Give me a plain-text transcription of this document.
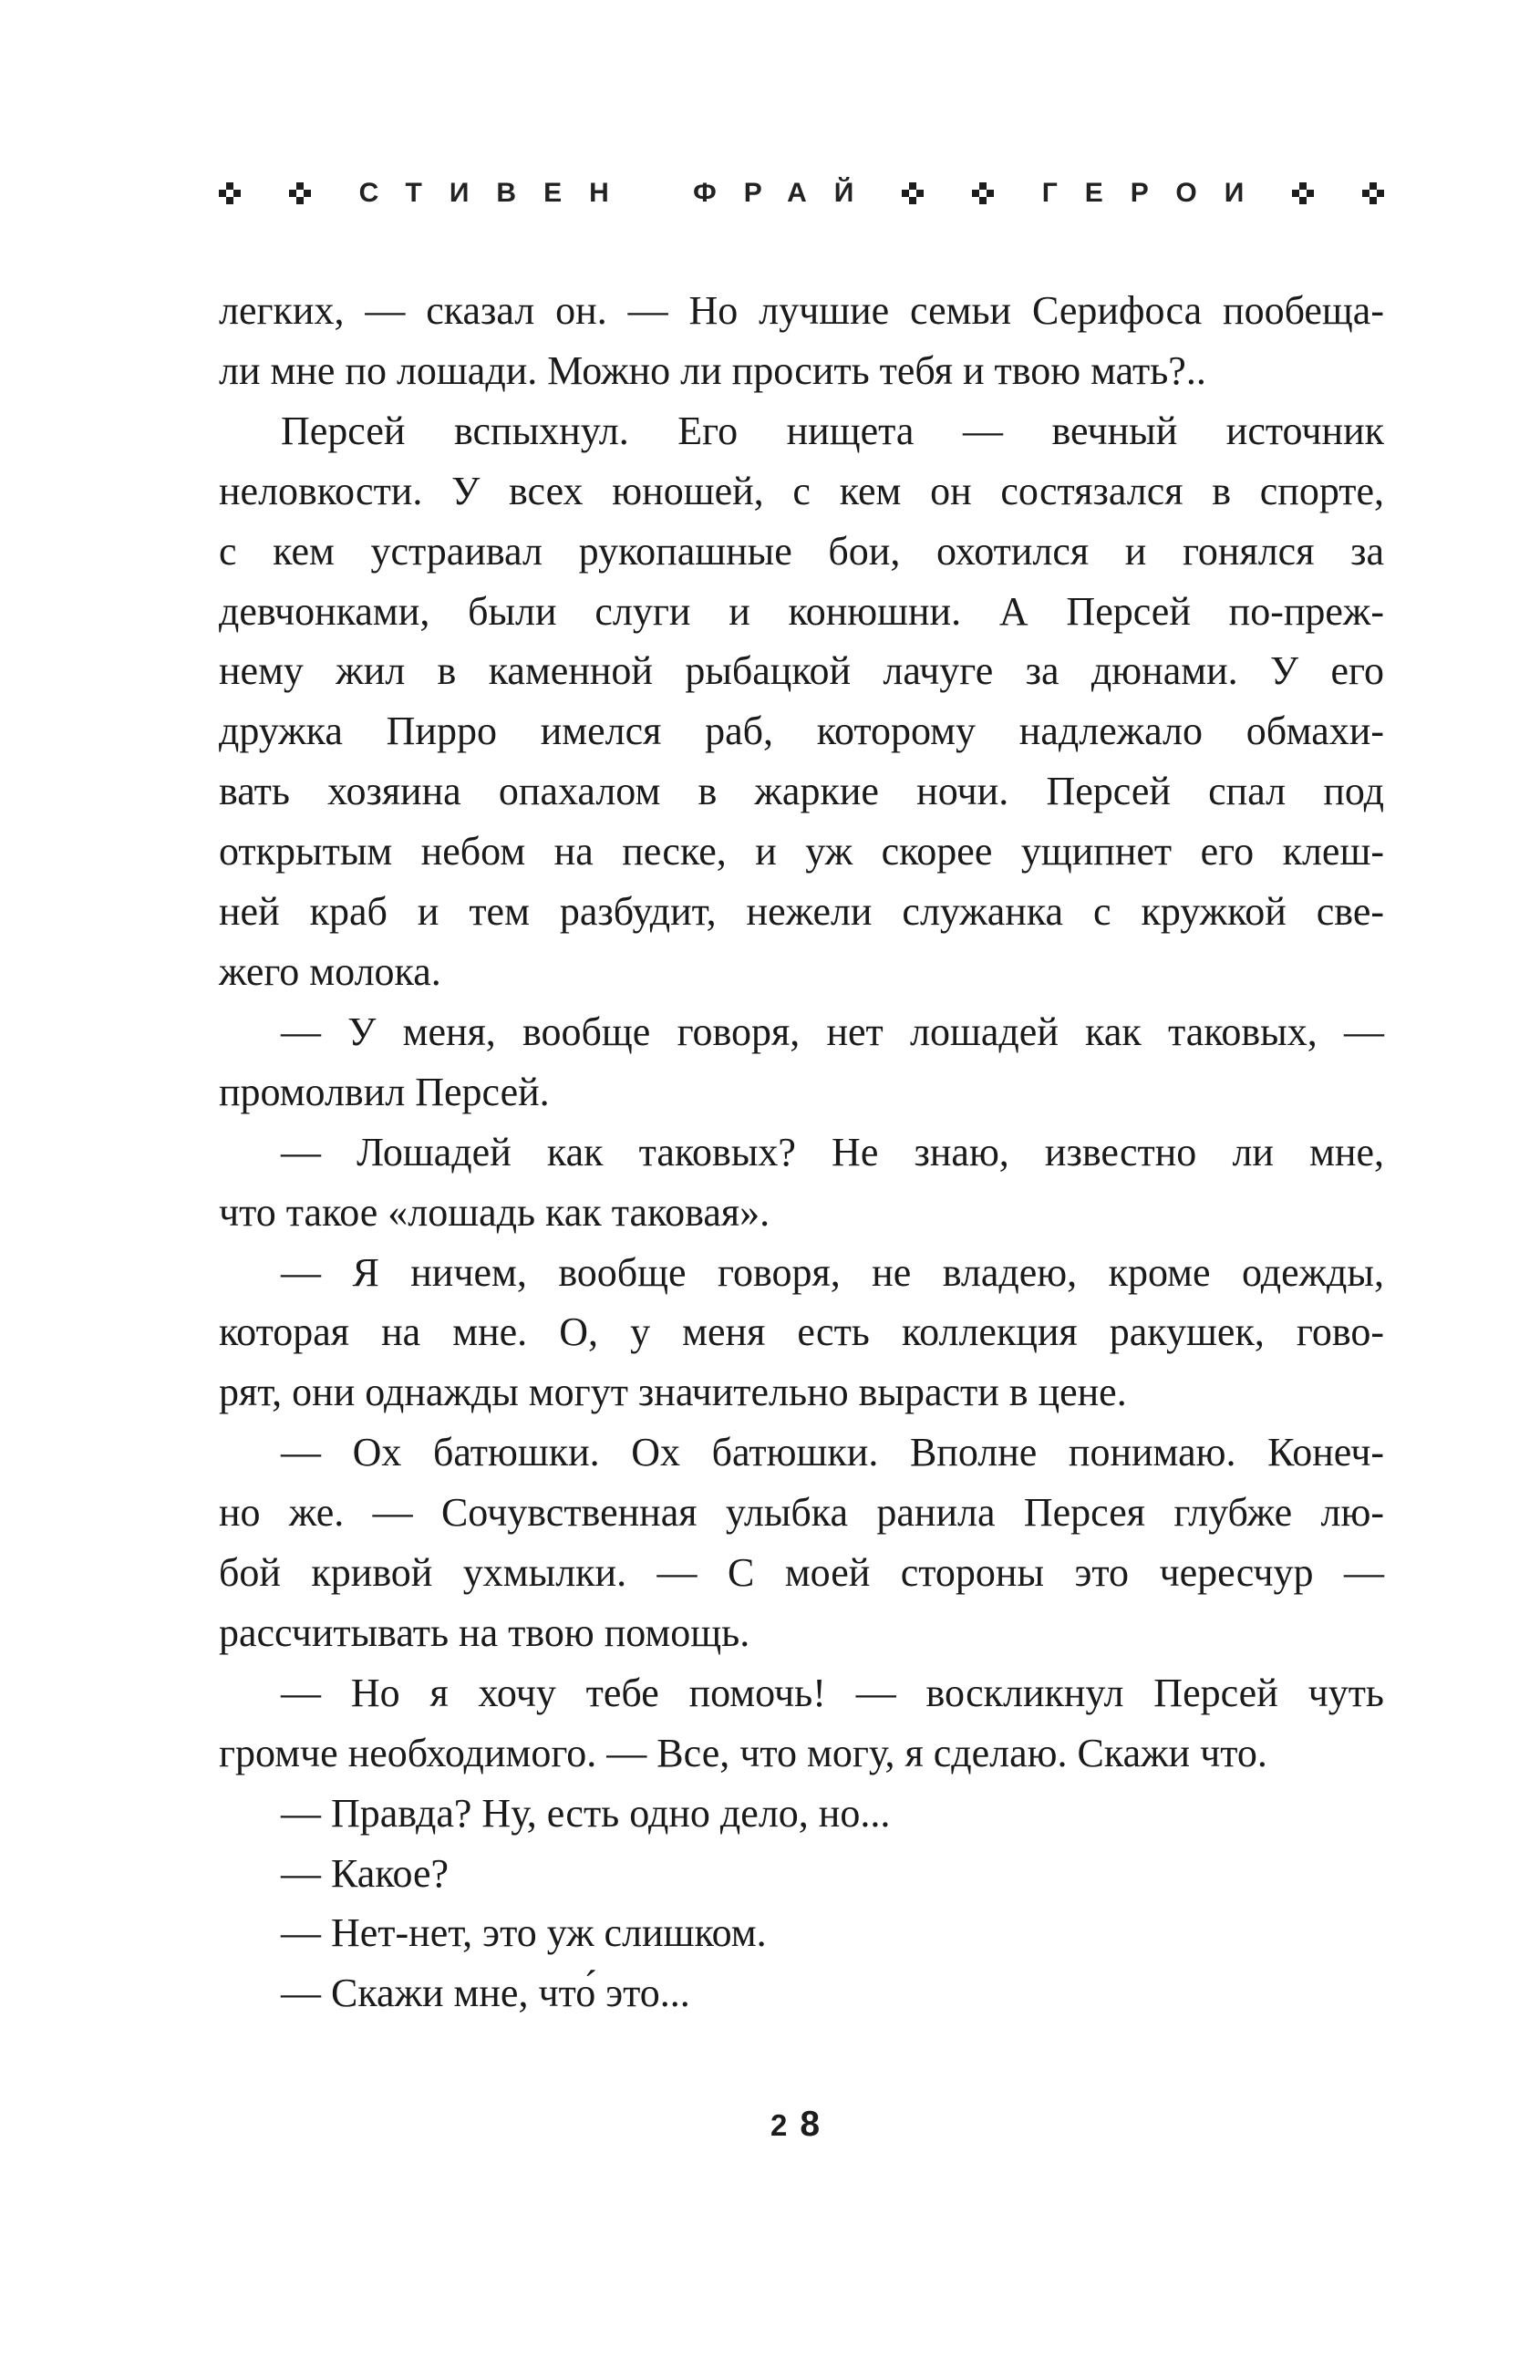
СТИВЕН ФРАЙ	ГЕРОИ
легких, — сказал он. — Но лучшие семьи Серифоса пообеща-
ли мне по лошади. Можно ли просить тебя и твою мать?..
Персей вспыхнул. Его нищета — вечный источник
неловкости. У всех юношей, с кем он состязался в спорте,
с кем устраивал рукопашные бои, охотился и гонялся за
девчонками, были слуги и конюшни. А Персей по-преж-
нему жил в каменной рыбацкой лачуге за дюнами. У его
дружка Пирро имелся раб, которому надлежало обмахи-
вать хозяина опахалом в жаркие ночи. Персей спал под
открытым небом на песке, и уж скорее ущипнет его клеш-
ней краб и тем разбудит, нежели служанка с кружкой све-
жего молока.
— У меня, вообще говоря, нет лошадей как таковых, —
промолвил Персей.
— Лошадей как таковых? Не знаю, известно ли мне,
что такое «лошадь как таковая».
— Я ничем, вообще говоря, не владею, кроме одежды,
которая на мне. О, у меня есть коллекция ракушек, гово-
рят, они однажды могут значительно вырасти в цене.
— Ох батюшки. Ох батюшки. Вполне понимаю. Конеч-
но же. — Сочувственная улыбка ранила Персея глубже лю-
бой кривой ухмылки. — С моей стороны это чересчур —
рассчитывать на твою помощь.
— Но я хочу тебе помочь! — воскликнул Персей чуть
громче необходимого. — Все, что могу, я сделаю. Скажи что.
— Правда? Ну, есть одно дело, но...
— Какое?
— Нет-нет, это уж слишком.
— Скажи мне, что́ это...
28
